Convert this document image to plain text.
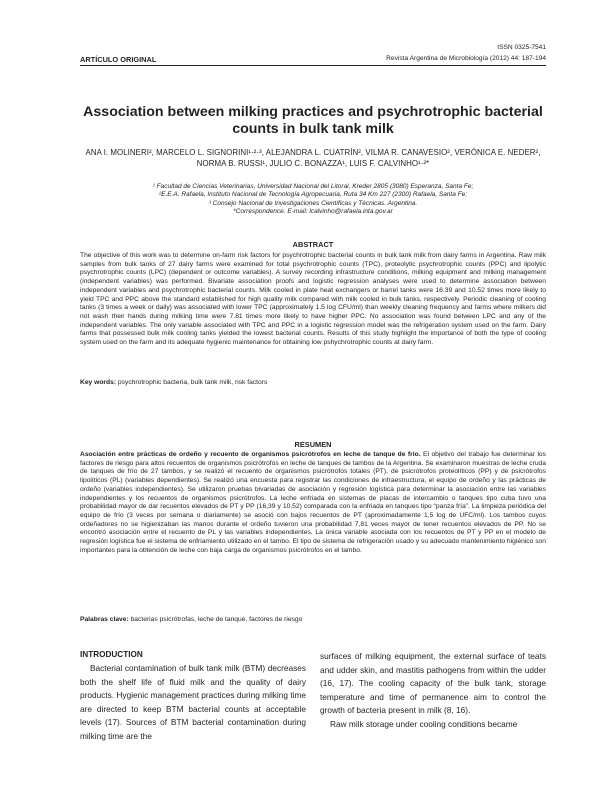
ISSN 0325-7541
ARTÍCULO ORIGINAL	Revista Argentina de Microbiología (2012) 44: 187-194
Association between milking practices and psychrotrophic bacterial counts in bulk tank milk
ANA I. MOLINERI², MARCELO L. SIGNORINI¹·²·³, ALEJANDRA L. CUATRÍN², VILMA R. CANAVESIO², VERÓNICA E. NEDER², NORMA B. RUSSI¹, JULIO C. BONAZZA¹, LUIS F. CALVINHO¹·²*
¹ Facultad de Ciencias Veterinarias, Universidad Nacional del Litoral, Kreder 2805 (3080) Esperanza, Santa Fe;
²E.E.A. Rafaela, Instituto Nacional de Tecnología Agropecuaria, Ruta 34 Km 227 (2300) Rafaela, Santa Fe;
³ Consejo Nacional de Investigaciones Científicas y Técnicas. Argentina.
*Correspondence. E-mail: lcalvinho@rafaela.inta.gov.ar
ABSTRACT

The objective of this work was to determine on-farm risk factors for psychrotrophic bacterial counts in bulk tank milk from dairy farms in Argentina. Raw milk samples from bulk tanks of 27 dairy farms were examined for total psychrotrophic counts (TPC), proteolytic psychrotrophic counts (PPC) and lipolytic psychrotrophic counts (LPC) (dependent or outcome variables). A survey recording infrastructure conditions, milking equipment and milking management (independent variables) was performed. Bivariate association proofs and logistic regression analyses were used to determine association between independent variables and psychrotrophic bacterial counts. Milk cooled in plate heat exchangers or barrel tanks were 16.39 and 10.52 times more likely to yield TPC and PPC above the standard established for high quality milk compared with milk cooled in bulk tanks, respectively. Periodic cleaning of cooling tanks (3 times a week or daily) was associated with lower TPC (approximately 1.5 log CFU/ml) than weekly cleaning frequency and farms where milkers did not wash their hands during milking time were 7.81 times more likely to have higher PPC. No association was found between LPC and any of the independent variables. The only variable associated with TPC and PPC in a logistic regression model was the refrigeration system used on the farm. Dairy farms that possessed bulk milk cooling tanks yielded the lowest bacterial counts. Results of this study highlight the importance of both the type of cooling system used on the farm and its adequate hygienic maintenance for obtaining low pshychrotrophic counts at dairy farm.

Key words: psychrotrophic bacteria, bulk tank milk, risk factors

RESUMEN

Asociación entre prácticas de ordeño y recuento de organismos psicrótrofos en leche de tanque de frío. El objetivo del trabajo fue determinar los factores de riesgo para altos recuentos de organismos psicrótrofos en leche de tanques de tambos de la Argentina. Se examinaron muestras de leche cruda de tanques de frío de 27 tambos, y se realizó el recuento de organismos psicrótrofos totales (PT), de psicrótrofos proteolíticos (PP) y de psicrótrofos lipolíticos (PL) (variables dependientes). Se realizó una encuesta para registrar las condiciones de infraestructura, el equipo de ordeño y las prácticas de ordeño (variables independientes). Se utilizaron pruebas bivariadas de asociación y regresión logística para determinar la asociación entre las variables independientes y los recuentos de organismos psicrótrofos. La leche enfriada en sistemas de placas de intercambio o tanques tipo cuba tuvo una probabilidad mayor de dar recuentos elevados de PT y PP (16,39 y 10,52) comparada con la enfriada en tanques tipo “panza fría”. La limpieza periódica del equipo de frío (3 veces por semana o diariamente) se asoció con bajos recuentos de PT (aproximadamente 1,5 log de UFC/ml). Los tambos cuyos ordeñadores no se higienizaban las manos durante el ordeño tuvieron una probabilidad 7,81 veces mayor de tener recuentos elevados de PP. No se encontró asociación entre el recuento de PL y las variables independientes. La única variable asociada con los recuentos de PT y PP en el modelo de regresión logística fue el sistema de enfriamiento utilizado en el tambo. El tipo de sistema de refrigeración usado y su adecuado mantenimiento higiénico son importantes para la obtención de leche con baja carga de organismos psicrótrofos en el tambo.

Palabras clave: bacterias psicrótrofas, leche de tanque, factores de riesgo

INTRODUCTION

Bacterial contamination of bulk tank milk (BTM) decreases both the shelf life of fluid milk and the quality of dairy products. Hygienic management practices during milking time are directed to keep BTM bacterial counts at acceptable levels (17). Sources of BTM bacterial contamination during milking time are the

surfaces of milking equipment, the external surface of teats and udder skin, and mastitis pathogens from within the udder (16, 17). The cooling capacity of the bulk tank, storage temperature and time of permanence aim to control the growth of bacteria present in milk (8, 16).

Raw milk storage under cooling conditions became
